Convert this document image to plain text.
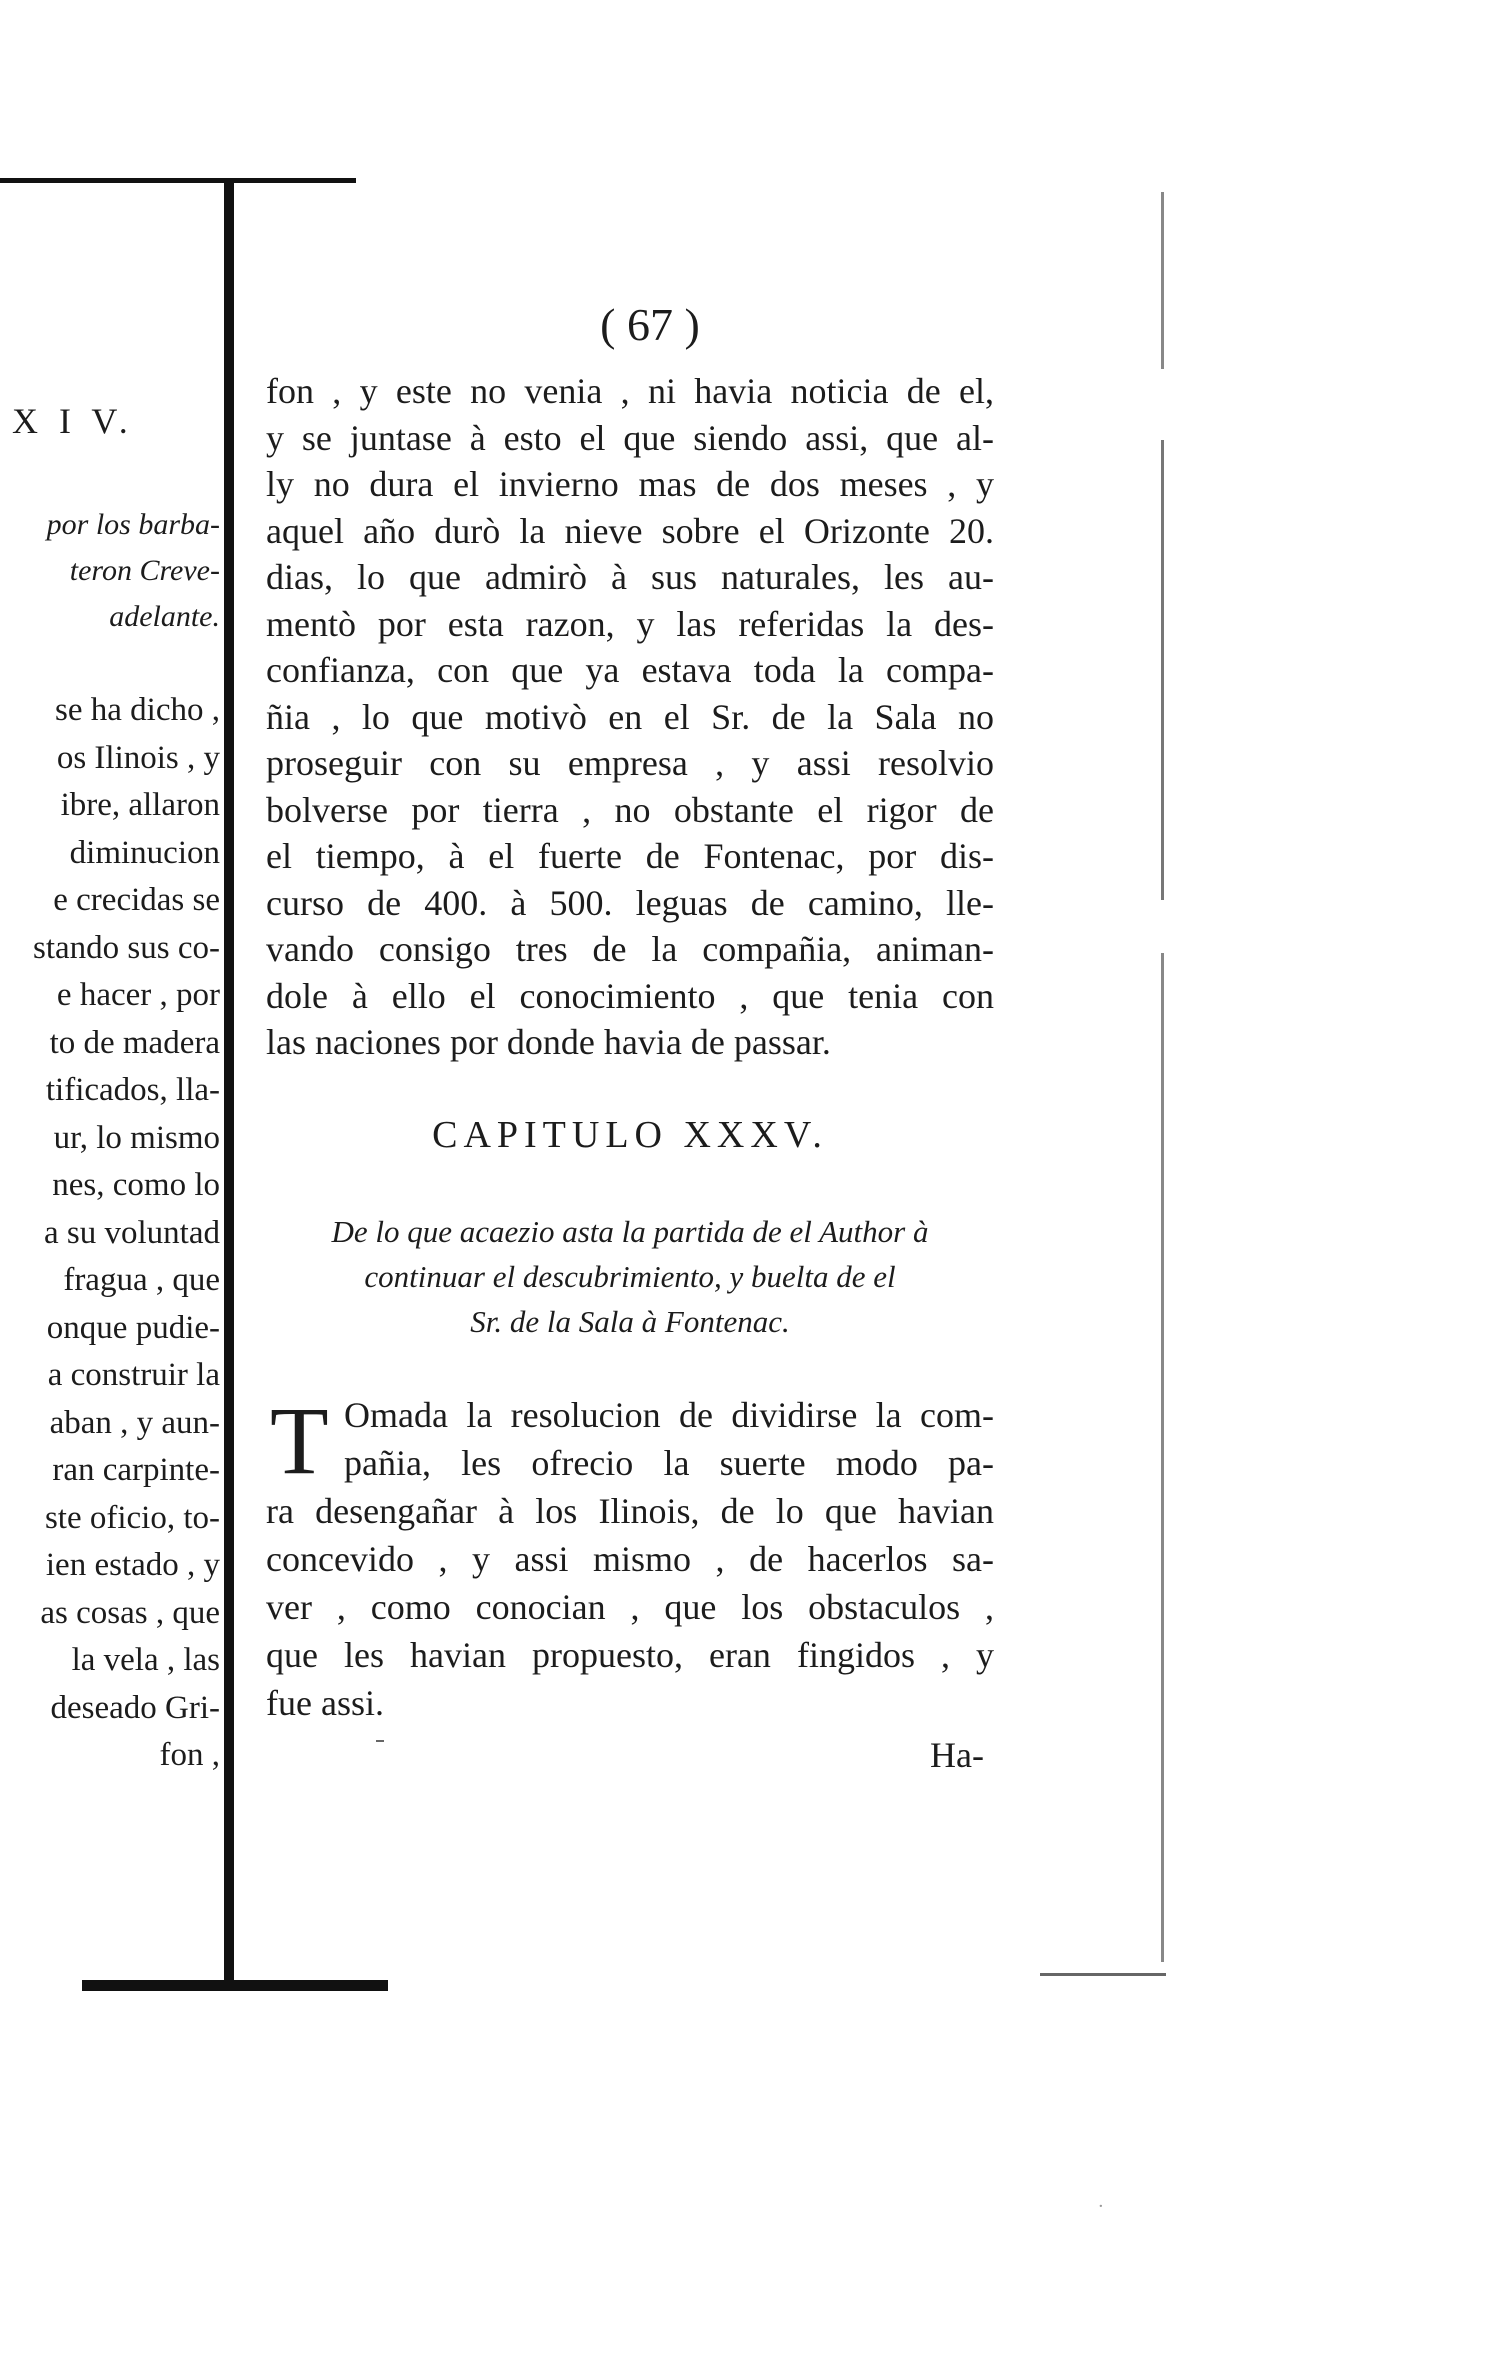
X I V.
por los barba-
teron Creve-
adelante.
se ha dicho ,
os Ilinois , y
ibre, allaron
diminucion
e crecidas se
stando sus co-
e hacer , por
to de madera
tificados, lla-
ur, lo mismo
nes, como lo
a su voluntad
fragua , que
onque pudie-
a construir la
aban , y aun-
ran carpinte-
ste oficio, to-
ien estado , y
as cosas , que
la vela , las
deseado Gri-
fon ,
( 67 )
fon , y este no venia , ni havia noticia de el,
y se juntase à esto el que siendo assi, que al-
ly no dura el invierno mas de dos meses , y
aquel año durò la nieve sobre el Orizonte 20.
dias, lo que admirò à sus naturales, les au-
mentò por esta razon, y las referidas la des-
confianza, con que ya estava toda la compa-
ñia , lo que motivò en el Sr. de la Sala no
proseguir con su empresa , y assi resolvio
bolverse por tierra , no obstante el rigor de
el tiempo, à el fuerte de Fontenac, por dis-
curso de 400. à 500. leguas de camino, lle-
vando consigo tres de la compañia, animan-
dole à ello el conocimiento , que tenia con
las naciones por donde havia de passar.
CAPITULO XXXV.
De lo que acaezio asta la partida de el Author à
continuar el descubrimiento, y buelta de el
Sr. de la Sala à Fontenac.
T Omada la resolucion de dividirse la com-
pañia, les ofrecio la suerte modo pa-
ra desengañar à los Ilinois, de lo que havian
concevido , y assi mismo , de hacerlos sa-
ver , como conocian , que los obstaculos ,
que les havian propuesto, eran fingidos , y
fue assi.
Ha-
·
